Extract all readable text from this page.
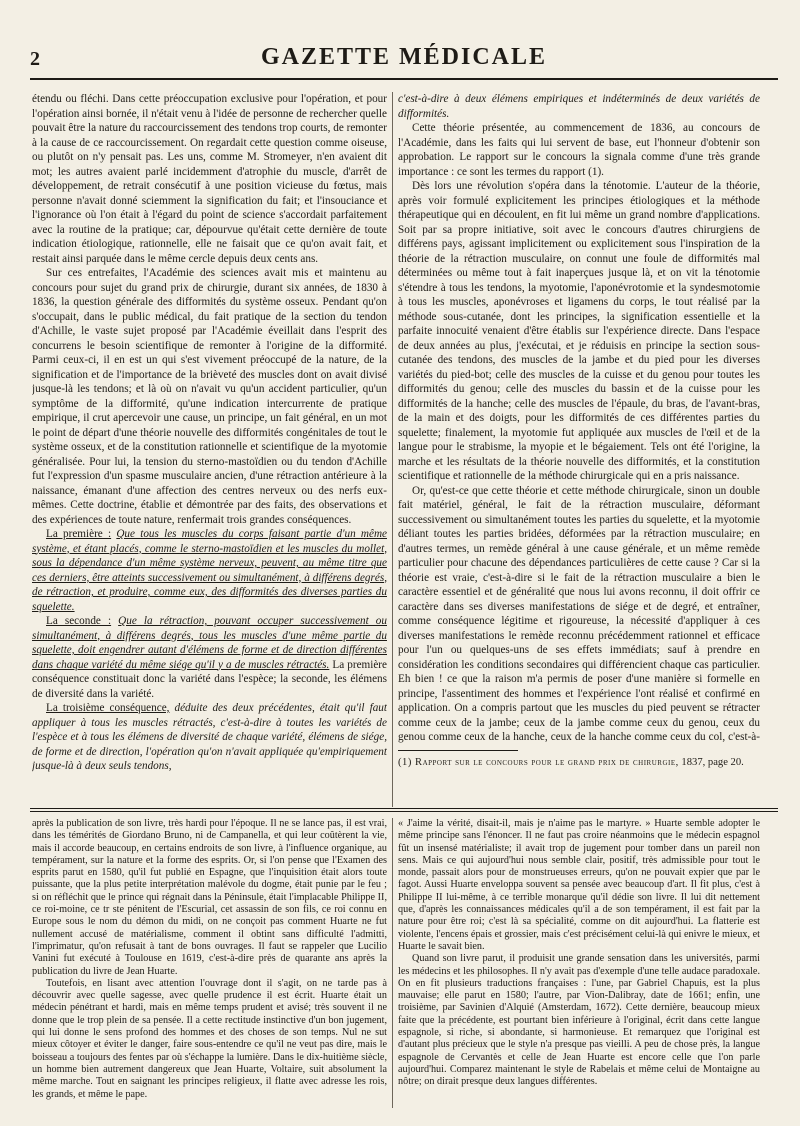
2	GAZETTE MÉDICALE

étendu ou fléchi. Dans cette préoccupation exclusive pour l'opération, et pour l'opération ainsi bornée, il n'était venu à l'idée de personne de rechercher quelle pouvait être la nature du raccourcissement des tendons trop courts, de remonter à la cause de ce raccourcissement. On regardait cette question comme oiseuse, ou plutôt on n'y pensait pas. Les uns, comme M. Stromeyer, n'en avaient dit mot; les autres avaient parlé incidemment d'atrophie du muscle, d'arrêt de développement, de retrait consécutif à une position vicieuse du fœtus, mais personne n'avait donné sciemment la signification du fait; et l'insouciance et l'ignorance où l'on était à l'égard du point de science s'accordait parfaitement avec la routine de la pratique; car, dépourvue qu'était cette dernière de toute indication étiologique, rationnelle, elle ne faisait que ce qu'on avait fait, et restait ainsi parquée dans le même cercle depuis deux cents ans.

Sur ces entrefaites, l'Académie des sciences avait mis et maintenu au concours pour sujet du grand prix de chirurgie, durant six années, de 1830 à 1836, la question générale des difformités du système osseux. Pendant qu'on s'occupait, dans le public médical, du fait pratique de la section du tendon d'Achille, le vaste sujet proposé par l'Académie éveillait dans l'esprit des concurrens le besoin scientifique de remonter à l'origine de la difformité. Parmi ceux-ci, il en est un qui s'est vivement préoccupé de la nature, de la signification et de l'importance de la brièveté des muscles dont on avait divisé jusque-là les tendons; et là où on n'avait vu qu'un accident particulier, qu'un symptôme de la difformité, qu'une indication intercurrente de pratique empirique, il crut apercevoir une cause, un principe, un fait général, en un mot le point de départ d'une théorie nouvelle des difformités congénitales de tout le système osseux, et de la constitution rationnelle et scientifique de la myotomie généralisée. Pour lui, la tension du sterno-mastoïdien ou du tendon d'Achille fut l'expression d'un spasme musculaire ancien, d'une rétraction antérieure à la naissance, émanant d'une affection des centres nerveux ou des nerfs eux-mêmes. Cette doctrine, établie et démontrée par des faits, des observations et des expériences de toute nature, renfermait trois grandes conséquences.

La première : Que tous les muscles du corps faisant partie d'un même système, et étant placés, comme le sterno-mastoïdien et les muscles du mollet, sous la dépendance d'un même système nerveux, peuvent, au même titre que ces derniers, être atteints successivement ou simultanément, à différens degrés, de rétraction, et produire, comme eux, des difformités des diverses parties du squelette.

La seconde : Que la rétraction, pouvant occuper successivement ou simultanément, à différens degrés, tous les muscles d'une même partie du squelette, doit engendrer autant d'élémens de forme et de direction différentes dans chaque variété du même siége qu'il y a de muscles rétractés. La première conséquence constituait donc la variété dans l'espèce; la seconde, les élémens de diversité dans la variété.

La troisième conséquence, déduite des deux précédentes, était qu'il faut appliquer à tous les muscles rétractés, c'est-à-dire à toutes les variétés de l'espèce et à tous les élémens de diversité de chaque variété, élémens de siége, de forme et de direction, l'opération qu'on n'avait appliquée qu'empiriquement jusque-là à deux seuls tendons,

c'est-à-dire à deux élémens empiriques et indéterminés de deux variétés de difformités.

Cette théorie présentée, au commencement de 1836, au concours de l'Académie, dans les faits qui lui servent de base, eut l'honneur d'obtenir son approbation. Le rapport sur le concours la signala comme d'une très grande importance : ce sont les termes du rapport (1).

Dès lors une révolution s'opéra dans la ténotomie. L'auteur de la théorie, après voir formulé explicitement les principes étiologiques et la méthode thérapeutique qui en découlent, en fit lui même un grand nombre d'applications. Soit par sa propre initiative, soit avec le concours d'autres chirurgiens de différens pays, agissant implicitement ou explicitement sous l'inspiration de la théorie de la rétraction musculaire, on connut une foule de difformités mal déterminées ou même tout à fait inaperçues jusque là, et on vit la ténotomie s'étendre à tous les tendons, la myotomie, l'aponévrotomie et la syndesmotomie à tous les muscles, aponévroses et ligamens du corps, le tout réalisé par la méthode sous-cutanée, dont les principes, la signification essentielle et la parfaite innocuité venaient d'être établis sur l'expérience directe. Dans l'espace de deux années au plus, j'exécutai, et je réduisis en principe la section sous-cutanée des tendons, des muscles de la jambe et du pied pour les diverses variétés du pied-bot; celle des muscles de la cuisse et du genou pour toutes les difformités du genou; celle des muscles du bassin et de la cuisse pour les difformités de la hanche; celle des muscles de l'épaule, du bras, de l'avant-bras, de la main et des doigts, pour les difformités de ces différentes parties du squelette; finalement, la myotomie fut appliquée aux muscles de l'œil et de la langue pour le strabisme, la myopie et le bégaiement. Tels ont été l'origine, la marche et les résultats de la théorie nouvelle des difformités, et la constitution scientifique et rationnelle de la méthode chirurgicale qui en a pris naissance.

Or, qu'est-ce que cette théorie et cette méthode chirurgicale, sinon un double fait matériel, général, le fait de la rétraction musculaire, déformant successivement ou simultanément toutes les parties du squelette, et la myotomie déliant toutes les parties bridées, déformées par la rétraction musculaire; en d'autres termes, un remède général à une cause générale, et un même remède particulier pour chacune des dépendances particulières de cette cause ? Car si la théorie est vraie, c'est-à-dire si le fait de la rétraction musculaire a bien le caractère essentiel et de généralité que nous lui avons reconnu, il doit offrir ce caractère dans ses diverses manifestations de siége et de degré, et entraîner, comme conséquence légitime et rigoureuse, la nécessité d'appliquer à ces diverses manifestations le remède reconnu précédemment rationnel et efficace pour l'un ou quelques-uns de ses effets immédiats; sauf à prendre en considération les conditions secondaires qui différencient chaque cas particulier. Eh bien ! ce que la raison m'a permis de poser d'une manière si formelle en principe, l'assentiment des hommes et l'expérience l'ont réalisé et confirmé en application. On a compris partout que les muscles du pied peuvent se rétracter comme ceux de la jambe; ceux de la jambe comme ceux du genou, ceux du genou comme ceux de la hanche, ceux de la hanche comme ceux du col, c'est-à-

(1) Rapport sur le concours pour le grand prix de chirurgie, 1837, page 20.

après la publication de son livre, très hardi pour l'époque. Il ne se lance pas, il est vrai, dans les témérités de Giordano Bruno, ni de Campanella, et qui leur coûtèrent la vie, mais il accorde beaucoup, en certains endroits de son livre, à l'influence organique, au tempérament, sur la nature et la forme des esprits. Or, si l'on pense que l'Examen des esprits parut en 1580, qu'il fut publié en Espagne, que l'inquisition était alors toute puissante, que la plus petite interprétation malévole du dogme, était punie par le feu ; si on réfléchit que le prince qui régnait dans la Péninsule, était l'implacable Philippe II, ce roi-moine, ce tr ste pénitent de l'Escurial, cet assassin de son fils, ce roi connu en Europe sous le nom du démon du midi, on ne conçoit pas comment Huarte ne fut nullement accusé de matérialisme, comment il obtint sans difficulté l'admitti, l'imprimatur, qu'on refusait à tant de bons ouvrages. Il faut se rappeler que Lucilio Vanini fut exécuté à Toulouse en 1619, c'est-à-dire près de quarante ans après la publication du livre de Jean Huarte.

Toutefois, en lisant avec attention l'ouvrage dont il s'agit, on ne tarde pas à découvrir avec quelle sagesse, avec quelle prudence il est écrit. Huarte était un médecin pénétrant et hardi, mais en même temps prudent et avisé; très souvent il ne donne que le trop plein de sa pensée. Il a cette rectitude instinctive d'un bon jugement, qui lui donne le sens profond des hommes et des choses de son temps. Nul ne sut mieux côtoyer et éviter le danger, faire sous-entendre ce qu'il ne veut pas dire, mais le boisseau a toujours des fentes par où s'échappe la lumière. Dans le dix-huitième siècle, un homme bien autrement dangereux que Jean Huarte, Voltaire, suit absolument la même marche. Tout en saignant les principes religieux, il flatte avec adresse les rois, les grands, et même le pape.

« J'aime la vérité, disait-il, mais je n'aime pas le martyre. » Huarte semble adopter le même principe sans l'énoncer. Il ne faut pas croire néanmoins que le médecin espagnol fût un insensé matérialiste; il avait trop de jugement pour tomber dans un pareil non sens. Mais ce qui aujourd'hui nous semble clair, positif, très admissible pour tout le monde, passait alors pour de monstrueuses erreurs, qu'on ne pouvait expier que par le fagot. Aussi Huarte enveloppa souvent sa pensée avec beaucoup d'art. Il fit plus, c'est à Philippe II lui-même, à ce terrible monarque qu'il dédie son livre. Il lui dit nettement que, d'après les connaissances médicales qu'il a de son tempérament, il est fait par la nature pour être roi; c'est là sa spécialité, comme on dit aujourd'hui. La flatterie est violente, l'encens épais et grossier, mais c'est précisément celui-là qui enivre le mieux, et Huarte le savait bien.

Quand son livre parut, il produisit une grande sensation dans les universités, parmi les médecins et les philosophes. Il n'y avait pas d'exemple d'une telle audace paradoxale. On en fit plusieurs traductions françaises : l'une, par Gabriel Chapuis, est la plus mauvaise; elle parut en 1580; l'autre, par Vion-Dalibray, date de 1661; enfin, une troisième, par Savinien d'Alquié (Amsterdam, 1672). Cette dernière, beaucoup mieux faite que la précédente, est pourtant bien inférieure à l'original, écrit dans cette langue espagnole, si riche, si abondante, si harmonieuse. Et remarquez que l'original est d'autant plus précieux que le style n'a presque pas vieilli. A peu de chose près, la langue espagnole de Cervantès et celle de Jean Huarte est encore celle que l'on parle aujourd'hui. Comparez maintenant le style de Rabelais et même celui de Montaigne au nôtre; on dirait presque deux langues différentes.
